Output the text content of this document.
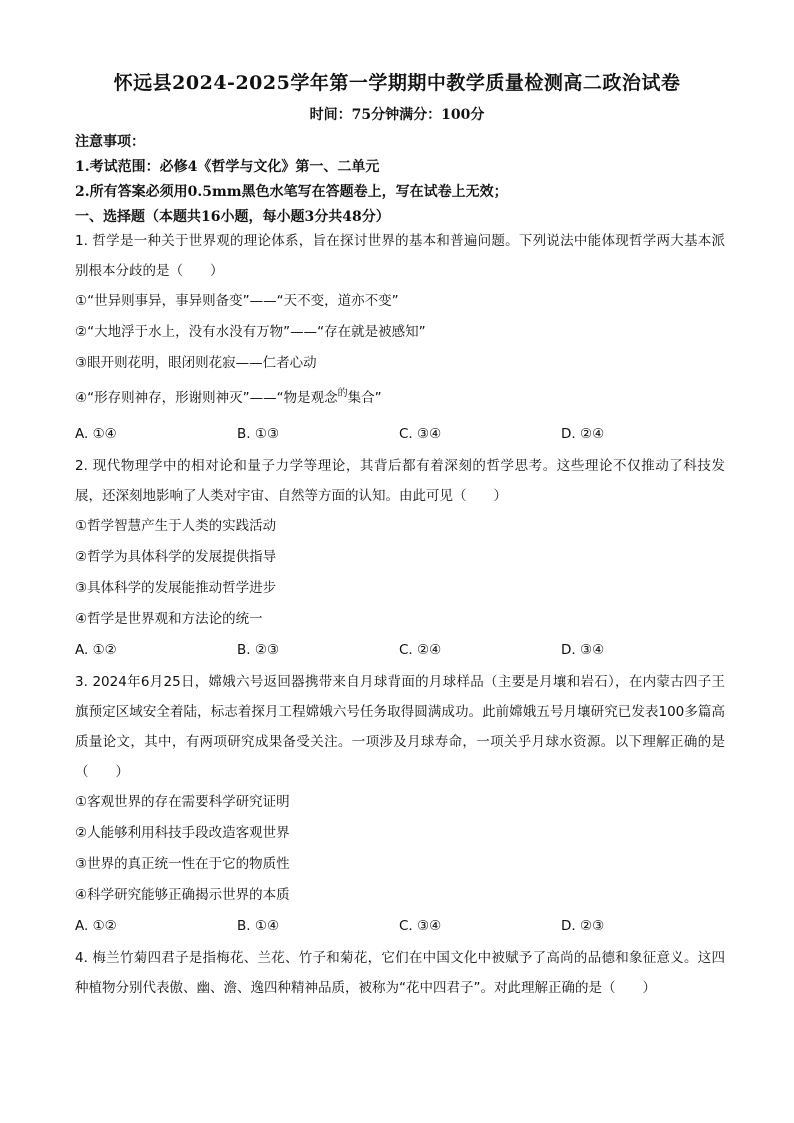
怀远县2024-2025学年第一学期期中教学质量检测高二政治试卷
时间：75分钟满分：100分
注意事项：
1.考试范围：必修4《哲学与文化》第一、二单元
2.所有答案必须用0.5mm黑色水笔写在答题卷上，写在试卷上无效；
一、选择题（本题共16小题，每小题3分共48分）
1. 哲学是一种关于世界观的理论体系，旨在探讨世界的基本和普遍问题。下列说法中能体现哲学两大基本派别根本分歧的是（　　）
①“世异则事异，事异则备变”——“天不变，道亦不变”
②“大地浮于水上，没有水没有万物”——“存在就是被感知”
③眼开则花明，眼闭则花寂——仁者心动
④“形存则神存，形谢则神灭”——“物是观念$^的$集合”
A. ①④	B. ①③	C. ③④	D. ②④
2. 现代物理学中的相对论和量子力学等理论，其背后都有着深刻的哲学思考。这些理论不仅推动了科技发展，还深刻地影响了人类对宇宙、自然等方面的认知。由此可见（　　）
①哲学智慧产生于人类的实践活动
②哲学为具体科学的发展提供指导
③具体科学的发展能推动哲学进步
④哲学是世界观和方法论的统一
A. ①②	B. ②③	C. ②④	D. ③④
3. 2024年6月25日，嫦娥六号返回器携带来自月球背面的月球样品（主要是月壤和岩石），在内蒙古四子王旗预定区域安全着陆，标志着探月工程嫦娥六号任务取得圆满成功。此前嫦娥五号月壤研究已发表100多篇高质量论文，其中，有两项研究成果备受关注。一项涉及月球寿命，一项关乎月球水资源。以下理解正确的是（　　）
①客观世界的存在需要科学研究证明
②人能够利用科技手段改造客观世界
③世界的真正统一性在于它的物质性
④科学研究能够正确揭示世界的本质
A. ①②	B. ①④	C. ③④	D. ②③
4. 梅兰竹菊四君子是指梅花、兰花、竹子和菊花，它们在中国文化中被赋予了高尚的品德和象征意义。这四种植物分别代表傲、幽、澹、逸四种精神品质，被称为“花中四君子”。对此理解正确的是（　　）
